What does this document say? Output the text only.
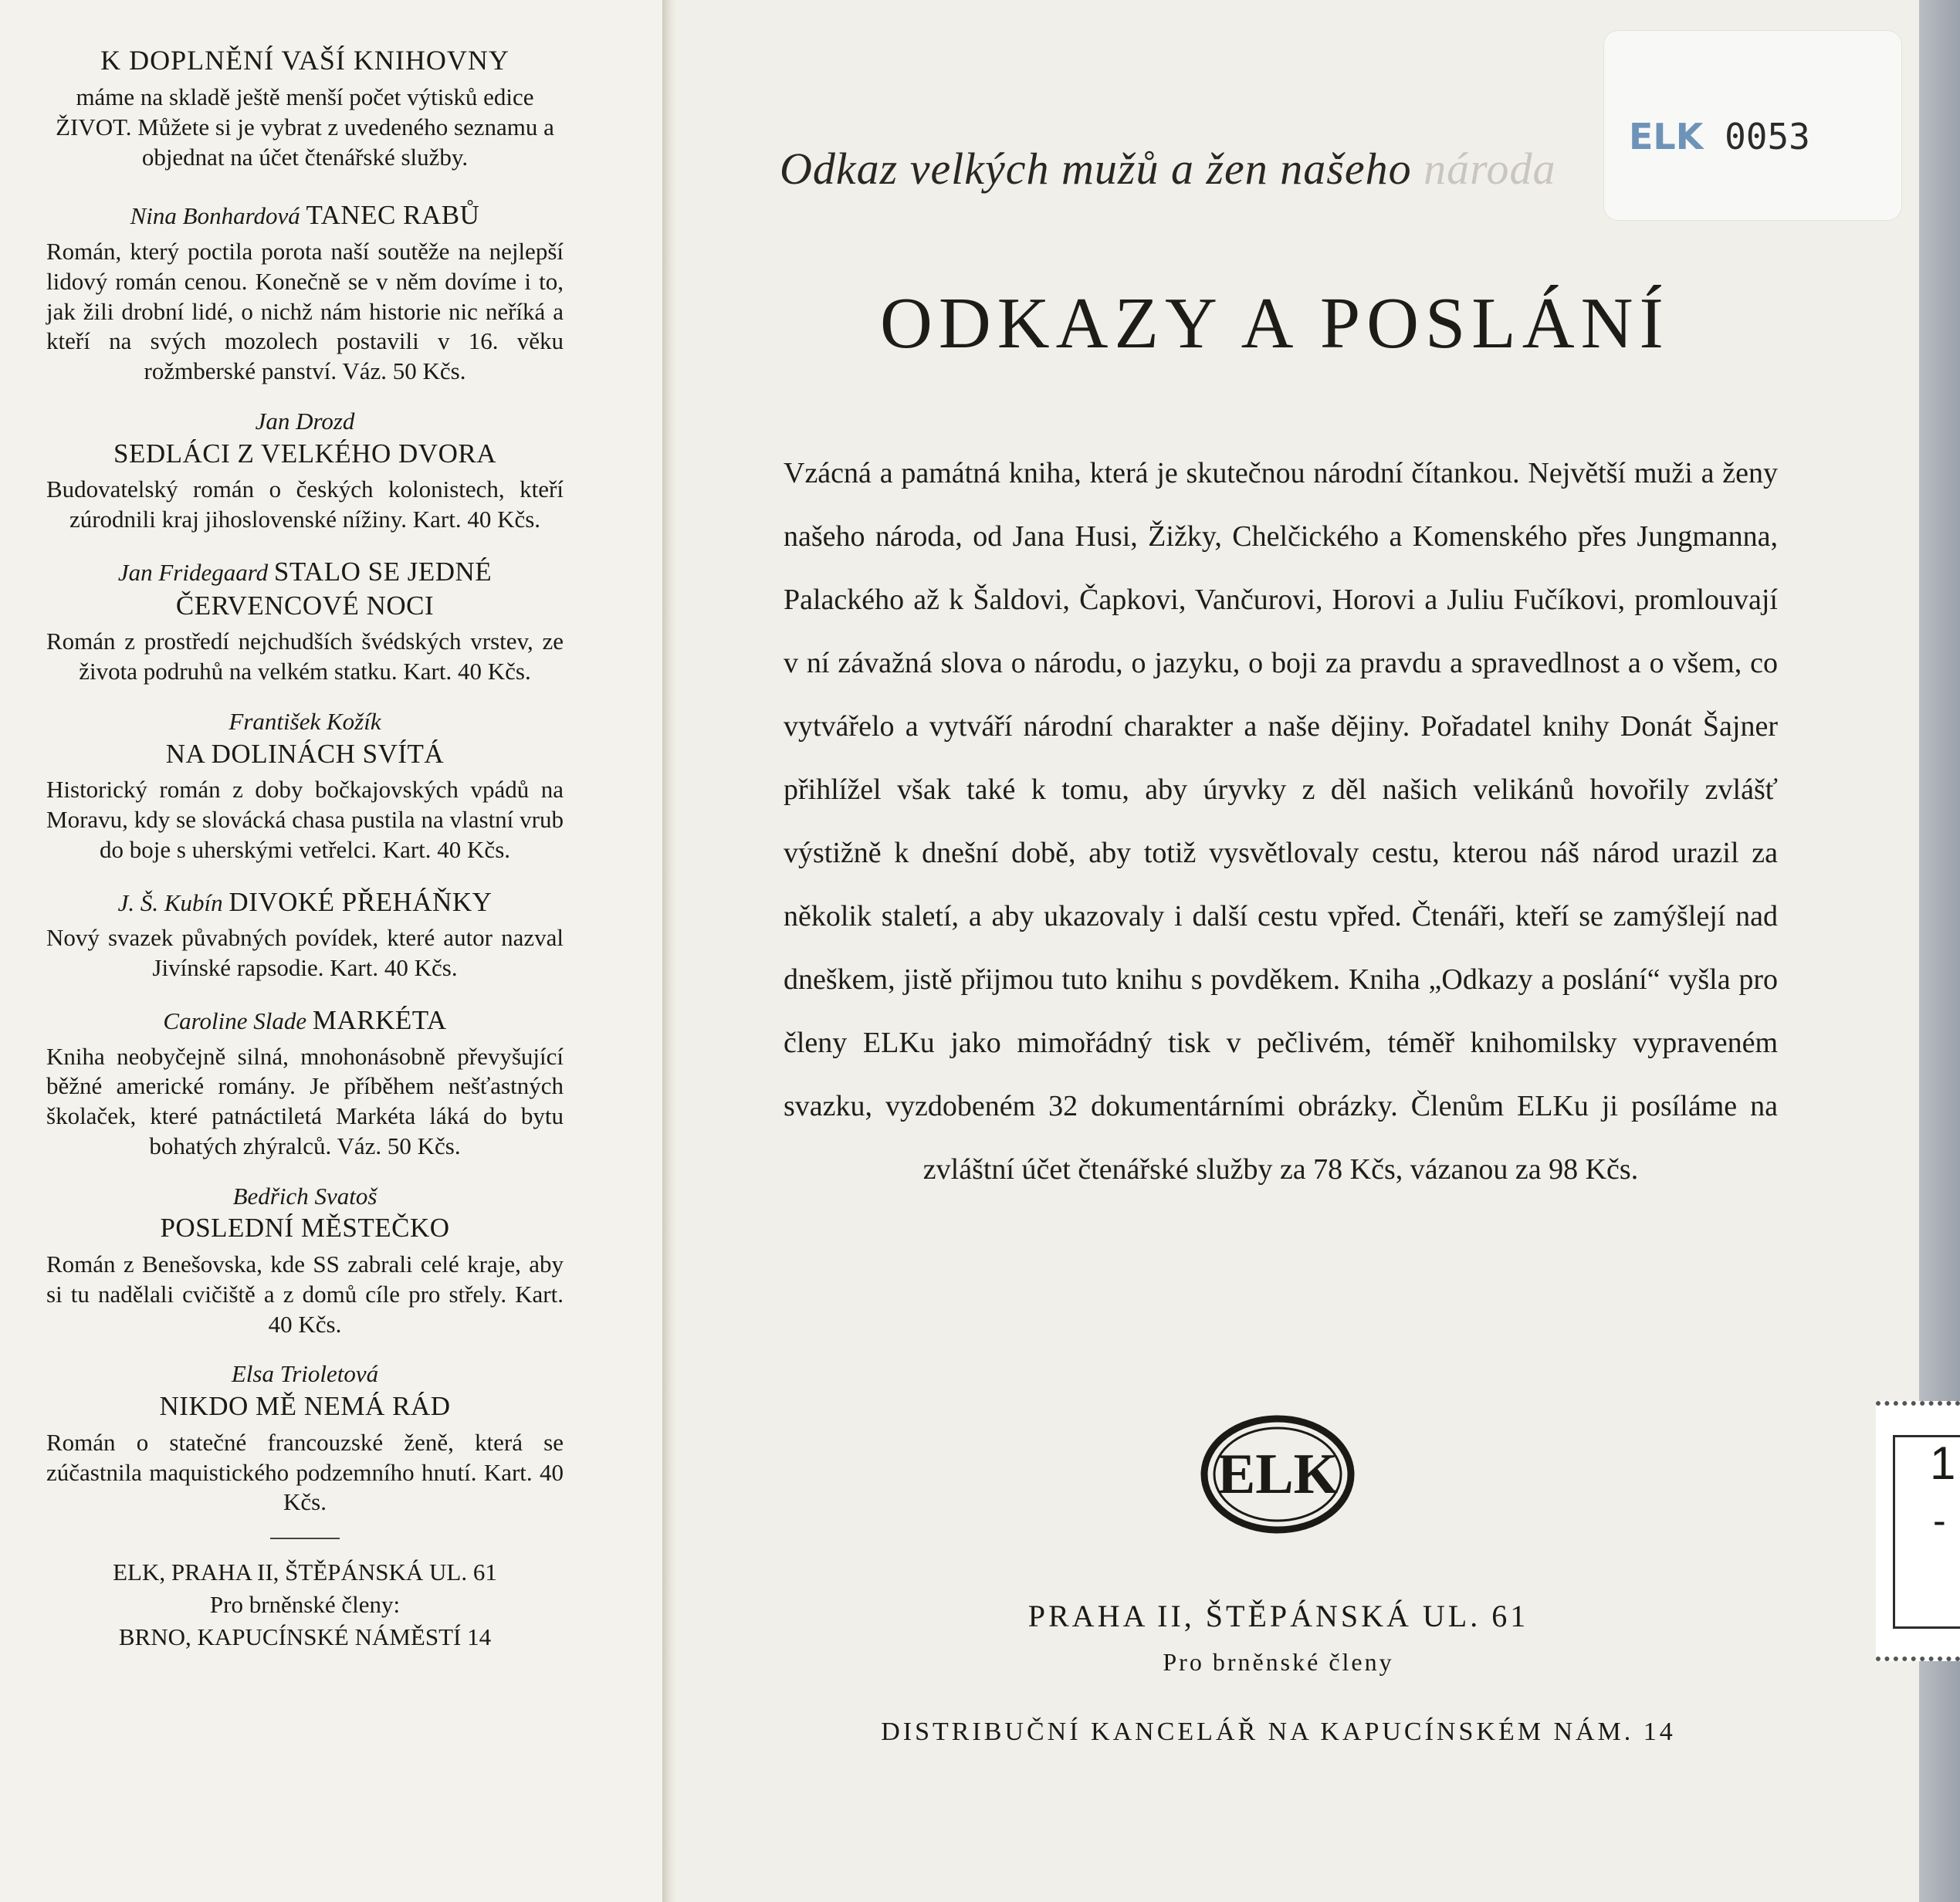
K DOPLNĚNÍ VAŠÍ KNIHOVNY

máme na skladě ještě menší počet výtisků edice ŽIVOT. Můžete si je vybrat z uvedeného seznamu a objednat na účet čtenářské služby.

Nina Bonhardová TANEC RABŮ

Román, který poctila porota naší soutěže na nejlepší lidový román cenou. Konečně se v něm dovíme i to, jak žili drobní lidé, o nichž nám historie nic neříká a kteří na svých mozolech postavili v 16. věku rožmberské panství. Váz. 50 Kčs.

Jan Drozd
SEDLÁCI Z VELKÉHO DVORA

Budovatelský román o českých kolonistech, kteří zúrodnili kraj jihoslovenské nížiny. Kart. 40 Kčs.

Jan Fridegaard STALO SE JEDNÉ ČERVENCOVÉ NOCI

Román z prostředí nejchudších švédských vrstev, ze života podruhů na velkém statku. Kart. 40 Kčs.

František Kožík
NA DOLINÁCH SVÍTÁ

Historický román z doby bočkajovských vpádů na Moravu, kdy se slovácká chasa pustila na vlastní vrub do boje s uherskými vetřelci. Kart. 40 Kčs.

J. Š. Kubín DIVOKÉ PŘEHÁŇKY

Nový svazek půvabných povídek, které autor nazval Jivínské rapsodie. Kart. 40 Kčs.

Caroline Slade MARKÉTA

Kniha neobyčejně silná, mnohonásobně převyšující běžné americké romány. Je příběhem nešťastných školaček, které patnáctiletá Markéta láká do bytu bohatých zhýralců. Váz. 50 Kčs.

Bedřich Svatoš
POSLEDNÍ MĚSTEČKO

Román z Benešovska, kde SS zabrali celé kraje, aby si tu nadělali cvičiště a z domů cíle pro střely. Kart. 40 Kčs.

Elsa Trioletová
NIKDO MĚ NEMÁ RÁD

Román o statečné francouzské ženě, která se zúčastnila maquistického podzemního hnutí. Kart. 40 Kčs.

ELK, PRAHA II, ŠTĚPÁNSKÁ UL. 61
Pro brněnské členy:
BRNO, KAPUCÍNSKÉ NÁMĚSTÍ 14
Odkaz velkých mužů a žen našeho národa
ELK 0053
ODKAZY A POSLÁNÍ

Vzácná a památná kniha, která je skutečnou národní čítankou. Největší muži a ženy našeho národa, od Jana Husi, Žižky, Chelčického a Komenského přes Jungmanna, Palackého až k Šaldovi, Čapkovi, Vančurovi, Horovi a Juliu Fučíkovi, promlouvají v ní závažná slova o národu, o jazyku, o boji za pravdu a spravedlnost a o všem, co vytvářelo a vytváří národní charakter a naše dějiny. Pořadatel knihy Donát Šajner přihlížel však také k tomu, aby úryvky z děl našich velikánů hovořily zvlášť výstižně k dnešní době, aby totiž vysvětlovaly cestu, kterou náš národ urazil za několik staletí, a aby ukazovaly i další cestu vpřed. Čtenáři, kteří se zamýšlejí nad dneškem, jistě přijmou tuto knihu s povděkem. Kniha „Odkazy a poslání“ vyšla pro členy ELKu jako mimořádný tisk v pečlivém, téměř knihomilsky vypraveném svazku, vyzdobeném 32 dokumentárními obrázky. Členům ELKu ji posíláme na zvláštní účet čtenářské služby za 78 Kčs, vázanou za 98 Kčs.

ELK
PRAHA II, ŠTĚPÁNSKÁ UL. 61
Pro brněnské členy
DISTRIBUČNÍ KANCELÁŘ NA KAPUCÍNSKÉM NÁM. 14
1
-
